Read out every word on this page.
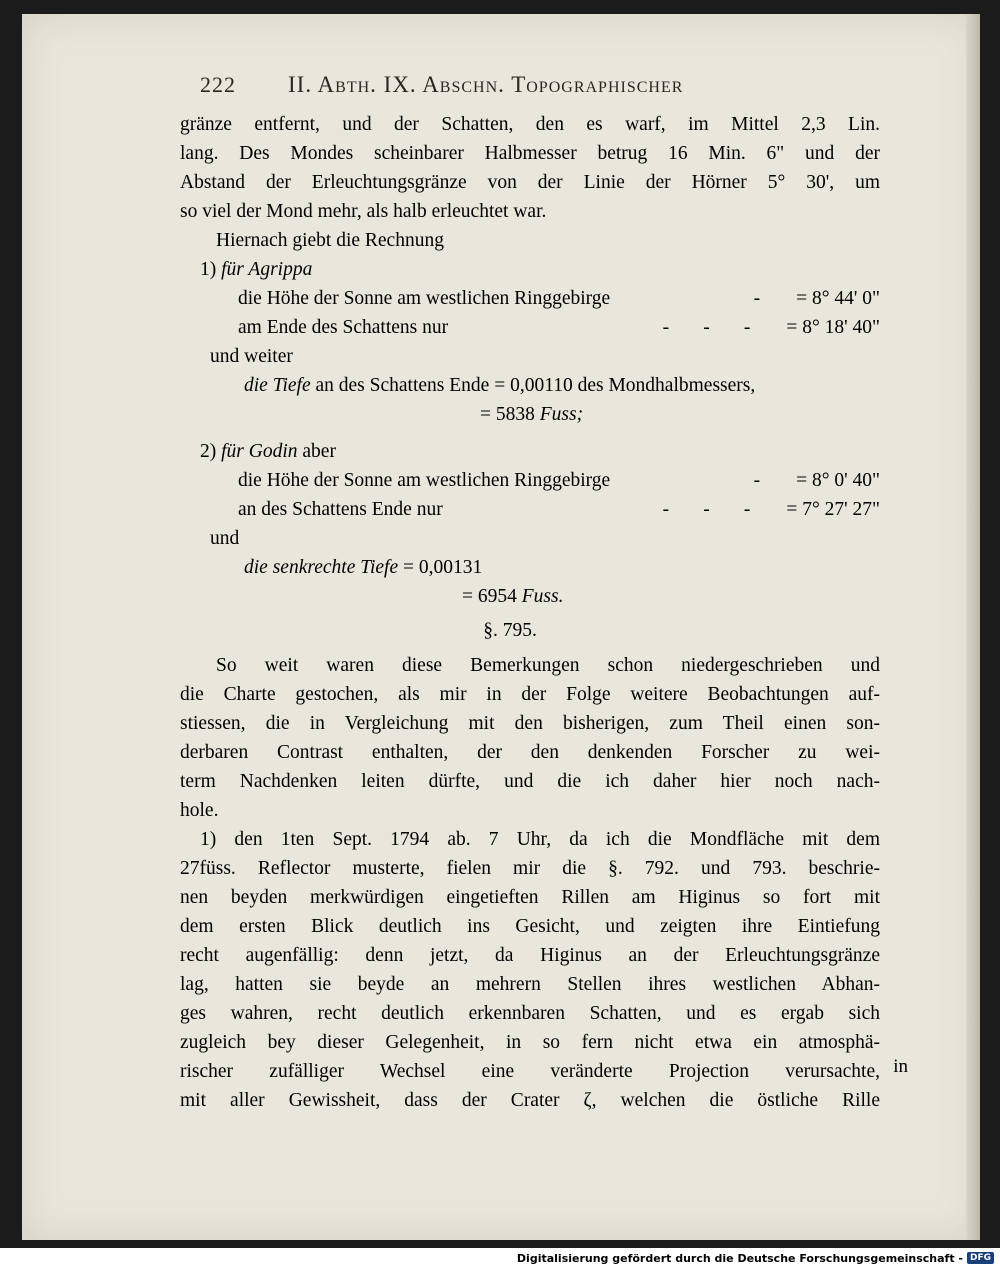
222	II. Abth. IX. Abschn. Topographischer
gränze entfernt, und der Schatten, den es warf, im Mittel 2,3 Lin.
lang. Des Mondes scheinbarer Halbmesser betrug 16 Min. 6" und der
Abstand der Erleuchtungsgränze von der Linie der Hörner 5° 30', um
so viel der Mond mehr, als halb erleuchtet war.
Hiernach giebt die Rechnung
1) für Agrippa
die Höhe der Sonne am westlichen Ringgebirge	- = 8° 44' 0"
am Ende des Schattens nur	-       -       - = 8° 18' 40"
und weiter
die Tiefe an des Schattens Ende = 0,00110 des Mondhalbmessers,
= 5838 Fuss;
2) für Godin aber
die Höhe der Sonne am westlichen Ringgebirge	- = 8° 0' 40"
an des Schattens Ende nur	-       -       - = 7° 27' 27"
und
die senkrechte Tiefe = 0,00131
= 6954 Fuss.
§. 795.
So weit waren diese Bemerkungen schon niedergeschrieben und
die Charte gestochen, als mir in der Folge weitere Beobachtungen auf-
stiessen, die in Vergleichung mit den bisherigen, zum Theil einen son-
derbaren Contrast enthalten, der den denkenden Forscher zu wei-
term Nachdenken leiten dürfte, und die ich daher hier noch nach-
hole.
1) den 1ten Sept. 1794 ab. 7 Uhr, da ich die Mondfläche mit dem
27füss. Reflector musterte, fielen mir die §. 792. und 793. beschrie-
nen beyden merkwürdigen eingetieften Rillen am Higinus so fort mit
dem ersten Blick deutlich ins Gesicht, und zeigten ihre Eintiefung
recht augenfällig: denn jetzt, da Higinus an der Erleuchtungsgränze
lag, hatten sie beyde an mehrern Stellen ihres westlichen Abhan-
ges wahren, recht deutlich erkennbaren Schatten, und es ergab sich
zugleich bey dieser Gelegenheit, in so fern nicht etwa ein atmosphä-
rischer zufälliger Wechsel eine veränderte Projection verursachte,
mit aller Gewissheit, dass der Crater ζ, welchen die östliche Rille
in
Digitalisierung gefördert durch die Deutsche Forschungsgemeinschaft - DFG
